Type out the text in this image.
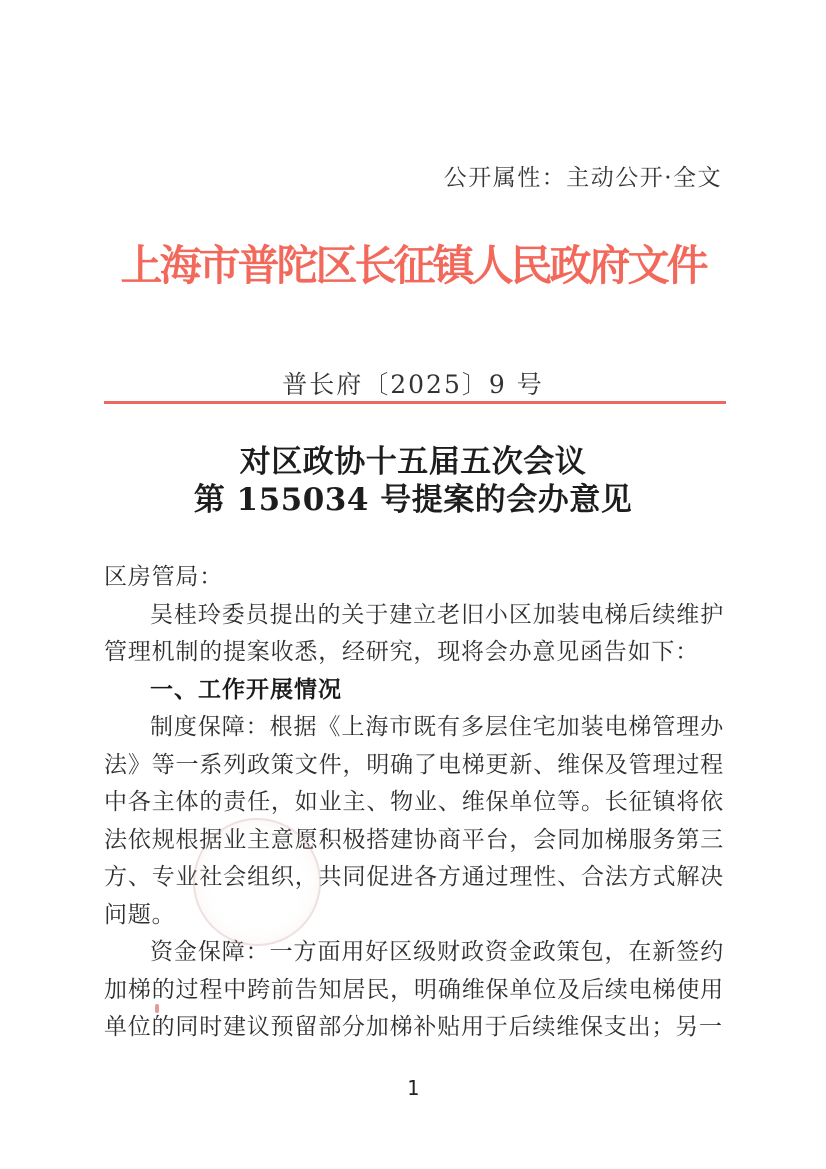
公开属性：主动公开·全文
上海市普陀区长征镇人民政府文件
普长府〔2025〕9 号
对区政协十五届五次会议
第 155034 号提案的会办意见

区房管局：

吴桂玲委员提出的关于建立老旧小区加装电梯后续维护管理机制的提案收悉，经研究，现将会办意见函告如下：

一、工作开展情况

制度保障：根据《上海市既有多层住宅加装电梯管理办法》等一系列政策文件，明确了电梯更新、维保及管理过程中各主体的责任，如业主、物业、维保单位等。长征镇将依法依规根据业主意愿积极搭建协商平台，会同加梯服务第三方、专业社会组织，共同促进各方通过理性、合法方式解决问题。

资金保障：一方面用好区级财政资金政策包，在新签约加梯的过程中跨前告知居民，明确维保单位及后续电梯使用单位的同时建议预留部分加梯补贴用于后续维保支出；另一

1
